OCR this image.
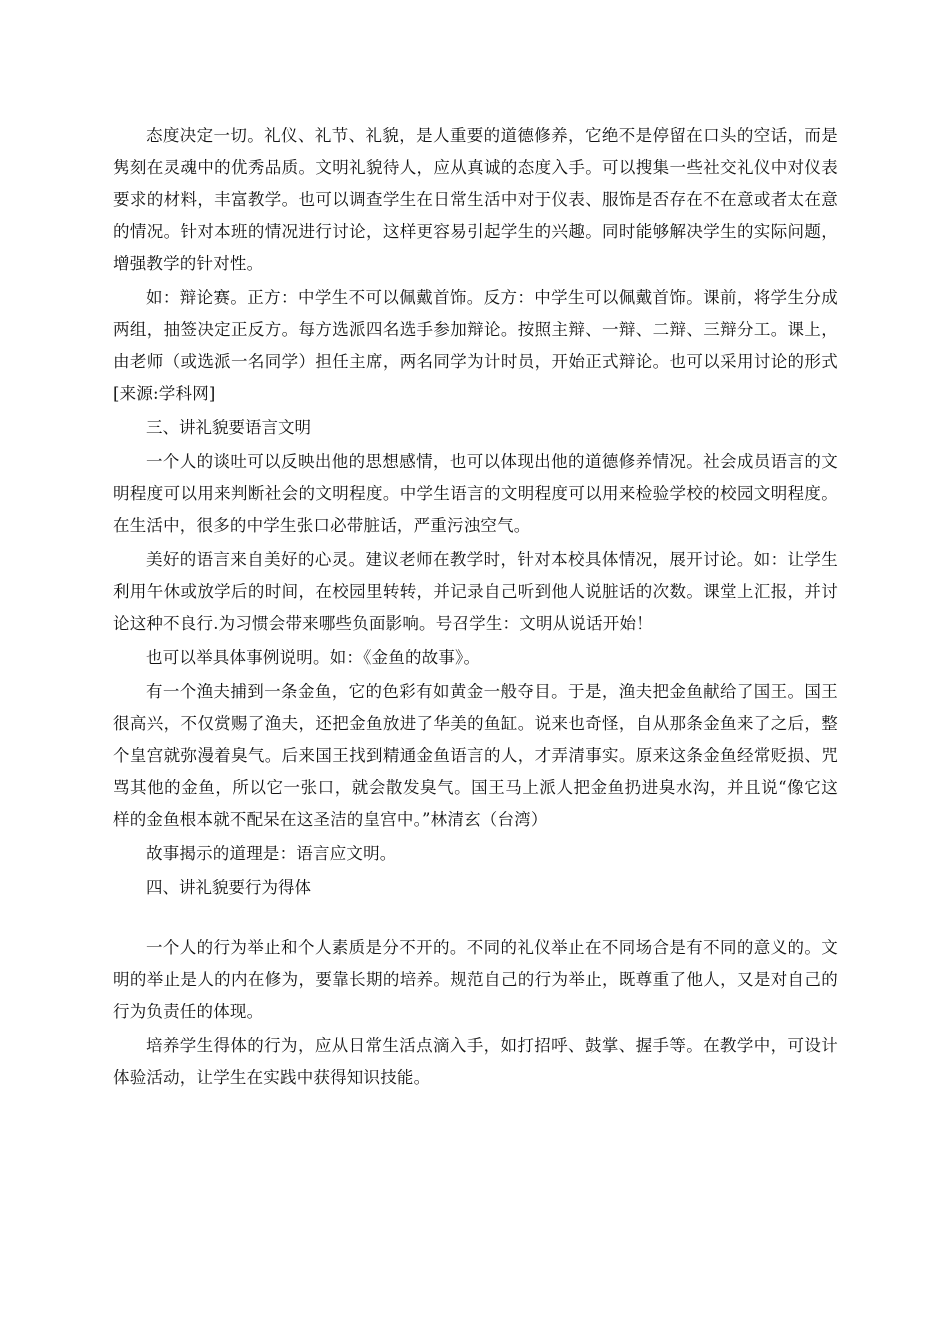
态度决定一切。礼仪、礼节、礼貌，是人重要的道德修养，它绝不是停留在口头的空话，而是隽刻在灵魂中的优秀品质。文明礼貌待人，应从真诚的态度入手。可以搜集一些社交礼仪中对仪表要求的材料，丰富教学。也可以调查学生在日常生活中对于仪表、服饰是否存在不在意或者太在意的情况。针对本班的情况进行讨论，这样更容易引起学生的兴趣。同时能够解决学生的实际问题，增强教学的针对性。

如：辩论赛。正方：中学生不可以佩戴首饰。反方：中学生可以佩戴首饰。课前，将学生分成两组，抽签决定正反方。每方选派四名选手参加辩论。按照主辩、一辩、二辩、三辩分工。课上，由老师（或选派一名同学）担任主席，两名同学为计时员，开始正式辩论。也可以采用讨论的形式[来源:学科网]

三、讲礼貌要语言文明

一个人的谈吐可以反映出他的思想感情，也可以体现出他的道德修养情况。社会成员语言的文明程度可以用来判断社会的文明程度。中学生语言的文明程度可以用来检验学校的校园文明程度。在生活中，很多的中学生张口必带脏话，严重污浊空气。

美好的语言来自美好的心灵。建议老师在教学时，针对本校具体情况，展开讨论。如：让学生利用午休或放学后的时间，在校园里转转，并记录自己听到他人说脏话的次数。课堂上汇报，并讨论这种不良行.为习惯会带来哪些负面影响。号召学生：文明从说话开始！

也可以举具体事例说明。如：《金鱼的故事》。

有一个渔夫捕到一条金鱼，它的色彩有如黄金一般夺目。于是，渔夫把金鱼献给了国王。国王很高兴，不仅赏赐了渔夫，还把金鱼放进了华美的鱼缸。说来也奇怪，自从那条金鱼来了之后，整个皇宫就弥漫着臭气。后来国王找到精通金鱼语言的人，才弄清事实。原来这条金鱼经常贬损、咒骂其他的金鱼，所以它一张口，就会散发臭气。国王马上派人把金鱼扔进臭水沟，并且说“像它这样的金鱼根本就不配呆在这圣洁的皇宫中。”林清玄（台湾）

故事揭示的道理是：语言应文明。

四、讲礼貌要行为得体

一个人的行为举止和个人素质是分不开的。不同的礼仪举止在不同场合是有不同的意义的。文明的举止是人的内在修为，要靠长期的培养。规范自己的行为举止，既尊重了他人，又是对自己的行为负责任的体现。

培养学生得体的行为，应从日常生活点滴入手，如打招呼、鼓掌、握手等。在教学中，可设计体验活动，让学生在实践中获得知识技能。
